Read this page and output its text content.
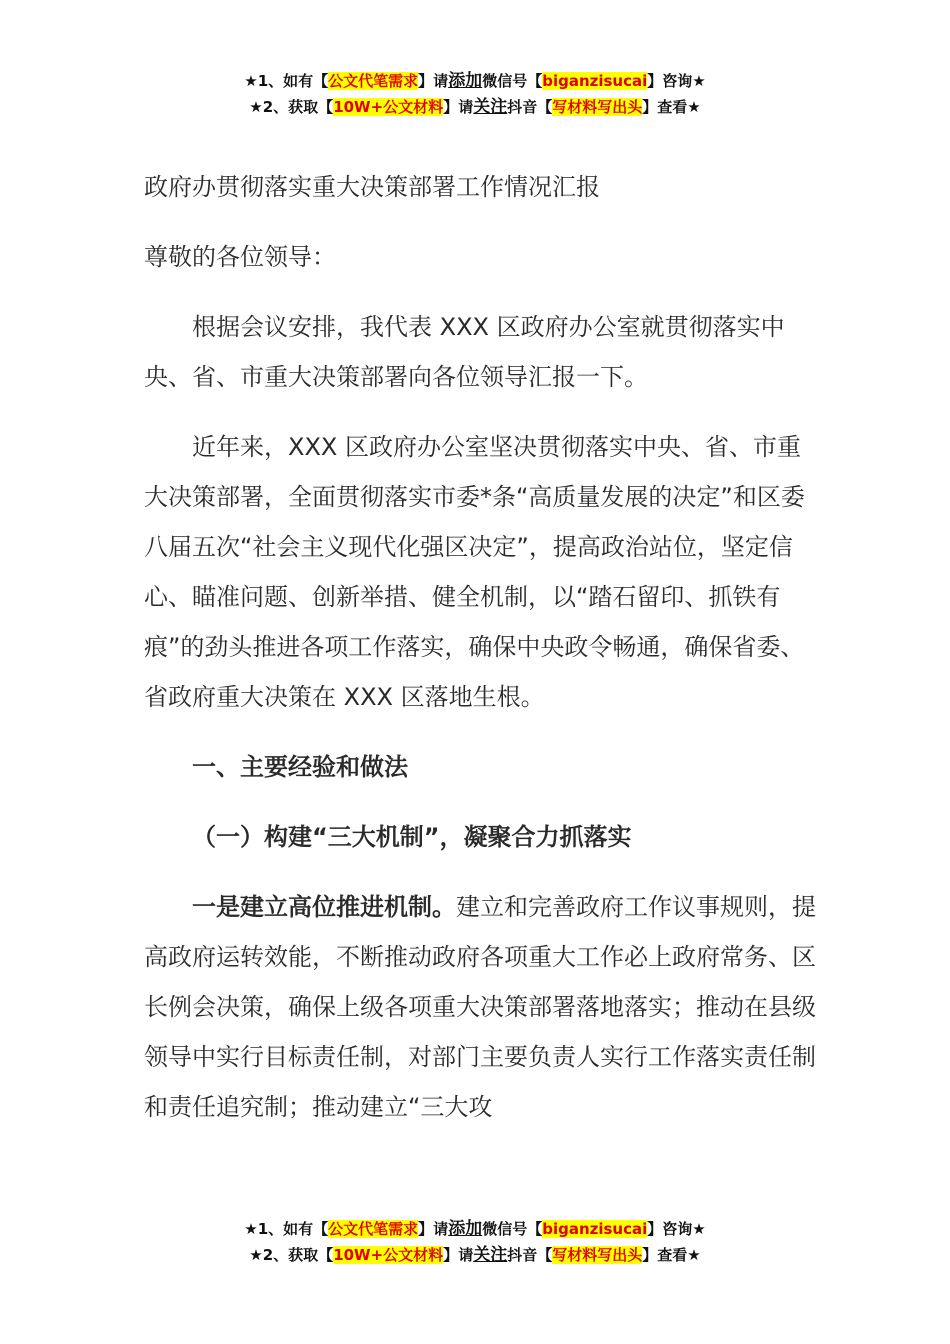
★1、如有【公文代笔需求】请添加微信号【biganzisucai】咨询★
★2、获取【10W+公文材料】请关注抖音【写材料写出头】查看★

政府办贯彻落实重大决策部署工作情况汇报

尊敬的各位领导：

根据会议安排，我代表 XXX 区政府办公室就贯彻落实中央、省、市重大决策部署向各位领导汇报一下。

近年来，XXX 区政府办公室坚决贯彻落实中央、省、市重大决策部署，全面贯彻落实市委*条“高质量发展的决定”和区委八届五次“社会主义现代化强区决定”，提高政治站位，坚定信心、瞄准问题、创新举措、健全机制，以“踏石留印、抓铁有痕”的劲头推进各项工作落实，确保中央政令畅通，确保省委、省政府重大决策在 XXX 区落地生根。

一、主要经验和做法

（一）构建“三大机制”，凝聚合力抓落实

一是建立高位推进机制。建立和完善政府工作议事规则，提高政府运转效能，不断推动政府各项重大工作必上政府常务、区长例会决策，确保上级各项重大决策部署落地落实；推动在县级领导中实行目标责任制，对部门主要负责人实行工作落实责任制和责任追究制；推动建立“三大攻

★1、如有【公文代笔需求】请添加微信号【biganzisucai】咨询★
★2、获取【10W+公文材料】请关注抖音【写材料写出头】查看★
